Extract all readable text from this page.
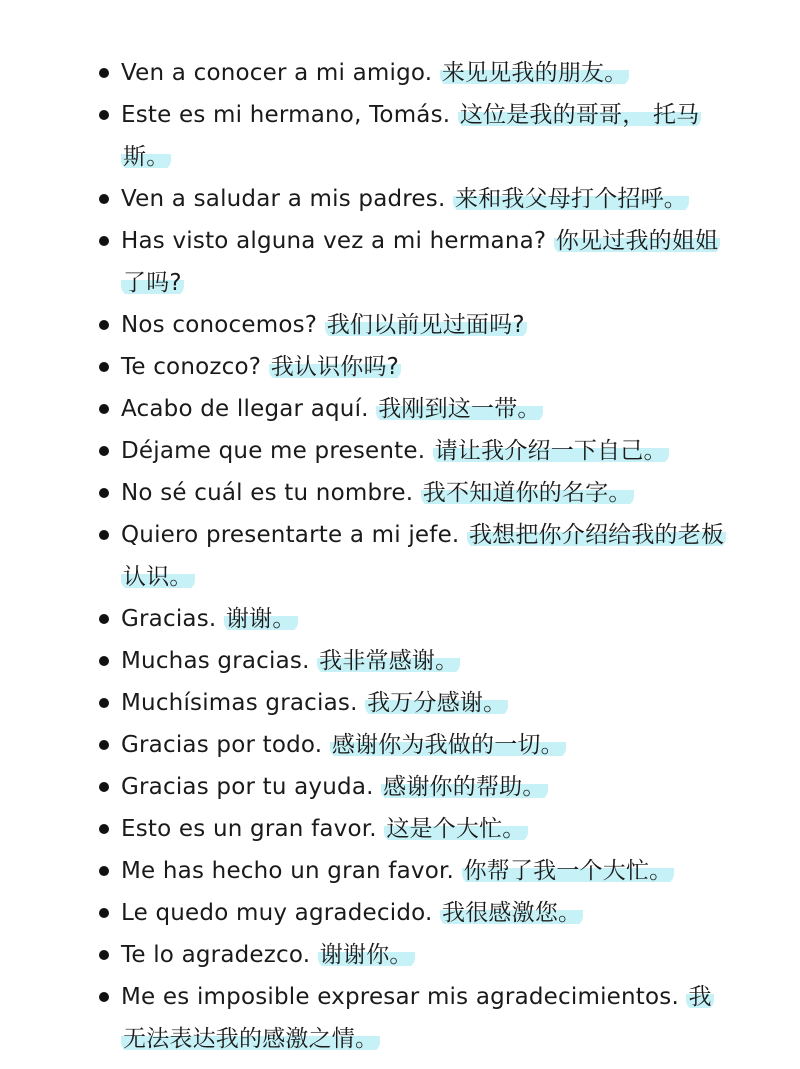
Ven a conocer a mi amigo. 来见见我的朋友。
Este es mi hermano, Tomás. 这位是我的哥哥， 托马斯。
Ven a saludar a mis padres. 来和我父母打个招呼。
Has visto alguna vez a mi hermana? 你见过我的姐姐了吗?
Nos conocemos? 我们以前见过面吗?
Te conozco? 我认识你吗?
Acabo de llegar aquí. 我刚到这一带。
Déjame que me presente. 请让我介绍一下自己。
No sé cuál es tu nombre. 我不知道你的名字。
Quiero presentarte a mi jefe. 我想把你介绍给我的老板认识。
Gracias. 谢谢。
Muchas gracias. 我非常感谢。
Muchísimas gracias. 我万分感谢。
Gracias por todo. 感谢你为我做的一切。
Gracias por tu ayuda. 感谢你的帮助。
Esto es un gran favor. 这是个大忙。
Me has hecho un gran favor. 你帮了我一个大忙。
Le quedo muy agradecido. 我很感激您。
Te lo agradezco. 谢谢你。
Me es imposible expresar mis agradecimientos. 我无法表达我的感激之情。
